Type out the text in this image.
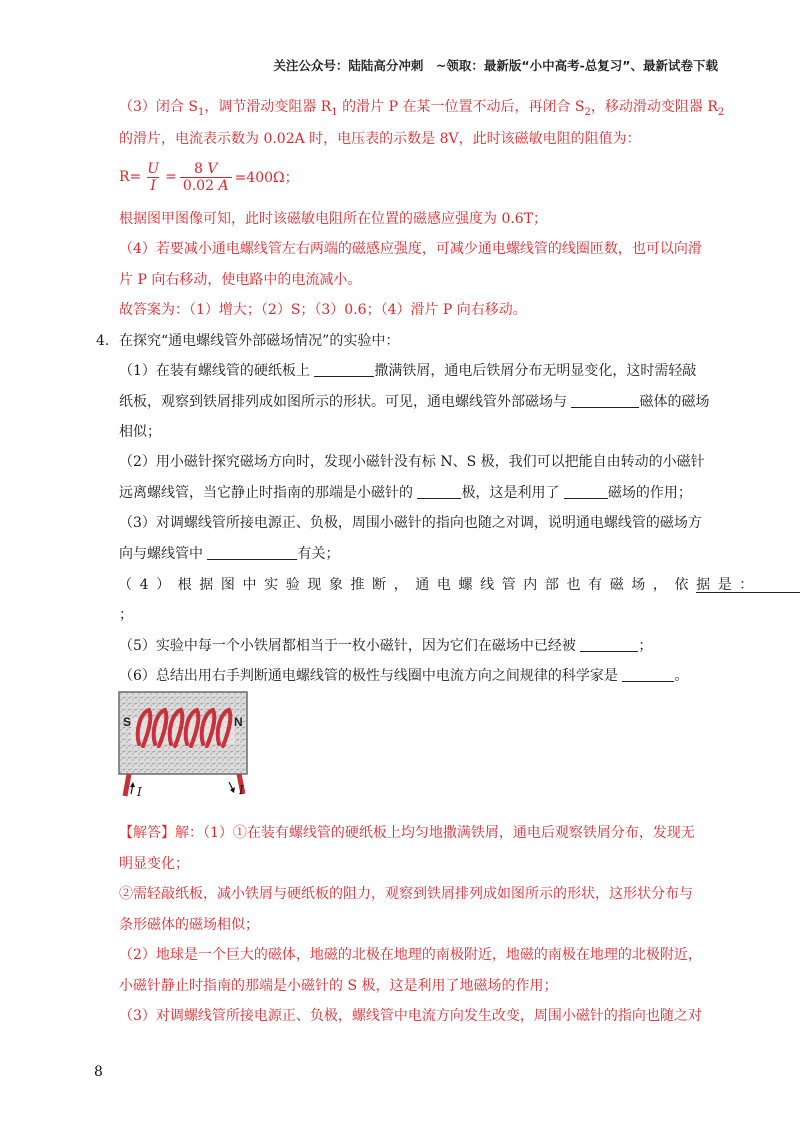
关注公众号：陆陆高分冲刺　~领取：最新版“小中高考-总复习”、最新试卷下载
（3）闭合 $S_1$，调节滑动变阻器 $R_1$ 的滑片 P 在某一位置不动后，再闭合 $S_2$，移动滑动变阻器 $R_2$
的滑片，电流表示数为 0.02A 时，电压表的示数是 8V，此时该磁敏电阻的阻值为：
$R= \frac{U}{I} = \frac{8 V}{0.02 A} =400\Omega$；
根据图甲图像可知，此时该磁敏电阻所在位置的磁感应强度为 0.6T；
（4）若要减小通电螺线管左右两端的磁感应强度，可减少通电螺线管的线圈匝数，也可以向滑
片 P 向右移动，使电路中的电流减小。
故答案为：（1）增大；（2）S；（3）0.6；（4）滑片 P 向右移动。
4. 在探究“通电螺线管外部磁场情况”的实验中：
（1）在装有螺线管的硬纸板上	撒满铁屑，通电后铁屑分布无明显变化，这时需轻敲
纸板，观察到铁屑排列成如图所示的形状。可见，通电螺线管外部磁场与	磁体的磁场
相似；
（2）用小磁针探究磁场方向时，发现小磁针没有标 N、S 极，我们可以把能自由转动的小磁针
远离螺线管，当它静止时指南的那端是小磁针的	极，这是利用了	磁场的作用；
（3）对调螺线管所接电源正、负极，周围小磁针的指向也随之对调，说明通电螺线管的磁场方
向与螺线管中	有关；
（4）根据图中实验现象推断，通电螺线管内部也有磁场，依据是：
；
（5）实验中每一个小铁屑都相当于一枚小磁针，因为它们在磁场中已经被	；
（6）总结出用右手判断通电螺线管的极性与线圈中电流方向之间规律的科学家是	。
S	N
I	I
【解答】解：（1）①在装有螺线管的硬纸板上均匀地撒满铁屑，通电后观察铁屑分布，发现无
明显变化；
②需轻敲纸板，减小铁屑与硬纸板的阻力，观察到铁屑排列成如图所示的形状，这形状分布与
条形磁体的磁场相似；
（2）地球是一个巨大的磁体，地磁的北极在地理的南极附近，地磁的南极在地理的北极附近，
小磁针静止时指南的那端是小磁针的 S 极，这是利用了地磁场的作用；
（3）对调螺线管所接电源正、负极，螺线管中电流方向发生改变，周围小磁针的指向也随之对
8
